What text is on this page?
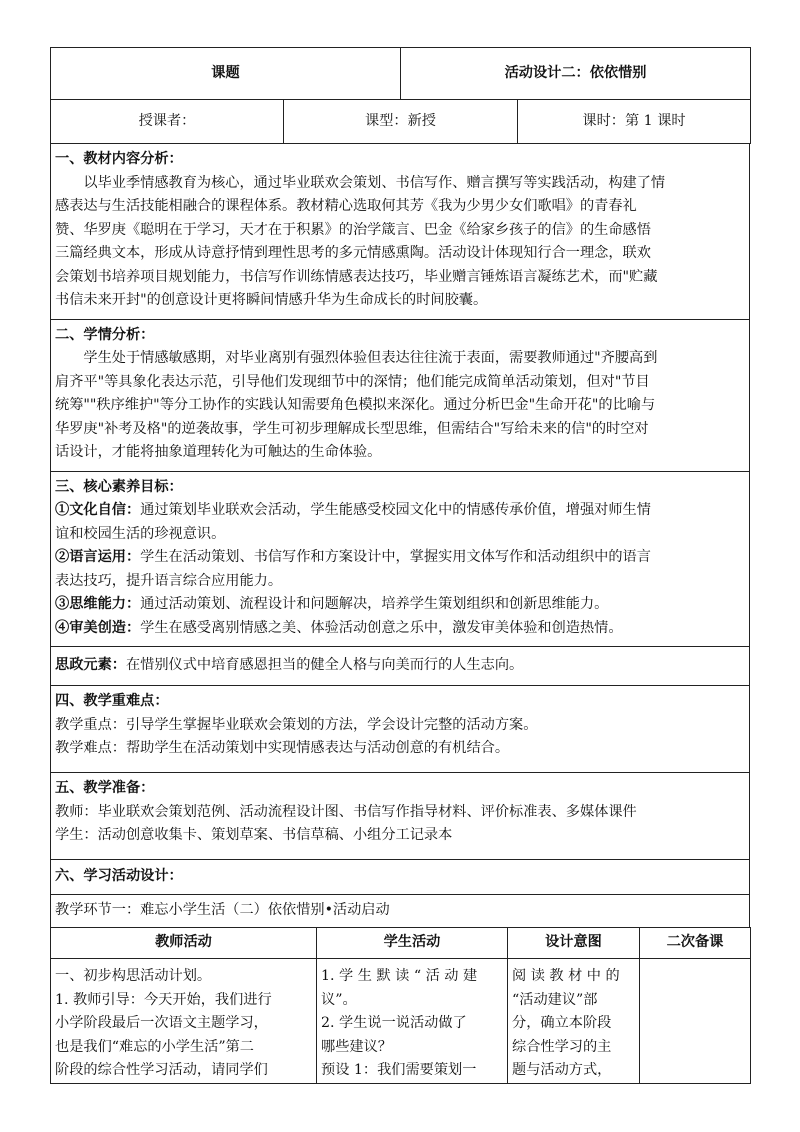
课题	活动设计二：依依惜别
授课者：	课型：新授	课时：第 1 课时
一、教材内容分析：
以毕业季情感教育为核心，通过毕业联欢会策划、书信写作、赠言撰写等实践活动，构建了情
感表达与生活技能相融合的课程体系。教材精心选取何其芳《我为少男少女们歌唱》的青春礼
赞、华罗庚《聪明在于学习，天才在于积累》的治学箴言、巴金《给家乡孩子的信》的生命感悟
三篇经典文本，形成从诗意抒情到理性思考的多元情感熏陶。活动设计体现知行合一理念，联欢
会策划书培养项目规划能力，书信写作训练情感表达技巧，毕业赠言锤炼语言凝练艺术，而"贮藏
书信未来开封"的创意设计更将瞬间情感升华为生命成长的时间胶囊。

二、学情分析：
学生处于情感敏感期，对毕业离别有强烈体验但表达往往流于表面，需要教师通过"齐腰高到
肩齐平"等具象化表达示范，引导他们发现细节中的深情；他们能完成简单活动策划，但对"节目
统筹""秩序维护"等分工协作的实践认知需要角色模拟来深化。通过分析巴金"生命开花"的比喻与
华罗庚"补考及格"的逆袭故事，学生可初步理解成长型思维，但需结合"写给未来的信"的时空对
话设计，才能将抽象道理转化为可触达的生命体验。

三、核心素养目标：
①文化自信：通过策划毕业联欢会活动，学生能感受校园文化中的情感传承价值，增强对师生情
谊和校园生活的珍视意识。
②语言运用：学生在活动策划、书信写作和方案设计中，掌握实用文体写作和活动组织中的语言
表达技巧，提升语言综合应用能力。
③思维能力：通过活动策划、流程设计和问题解决，培养学生策划组织和创新思维能力。
④审美创造：学生在感受离别情感之美、体验活动创意之乐中，激发审美体验和创造热情。

思政元素：在惜别仪式中培育感恩担当的健全人格与向美而行的人生志向。

四、教学重难点：
教学重点：引导学生掌握毕业联欢会策划的方法，学会设计完整的活动方案。
教学难点：帮助学生在活动策划中实现情感表达与活动创意的有机结合。

五、教学准备：
教师：毕业联欢会策划范例、活动流程设计图、书信写作指导材料、评价标准表、多媒体课件
学生：活动创意收集卡、策划草案、书信草稿、小组分工记录本

六、学习活动设计：
教学环节一：难忘小学生活（二）依依惜别•活动启动
教师活动	学生活动	设计意图	二次备课

一、初步构思活动计划。
1. 教师引导：今天开始，我们进行
小学阶段最后一次语文主题学习，
也是我们“难忘的小学生活”第二
阶段的综合性学习活动，请同学们	1. 学 生 默 读 “ 活 动 建
议”。
2. 学生说一说活动做了
哪些建议？
预设 1：我们需要策划一	阅 读 教 材 中 的
“活动建议”部
分，确立本阶段
综合性学习的主
题与活动方式，	
